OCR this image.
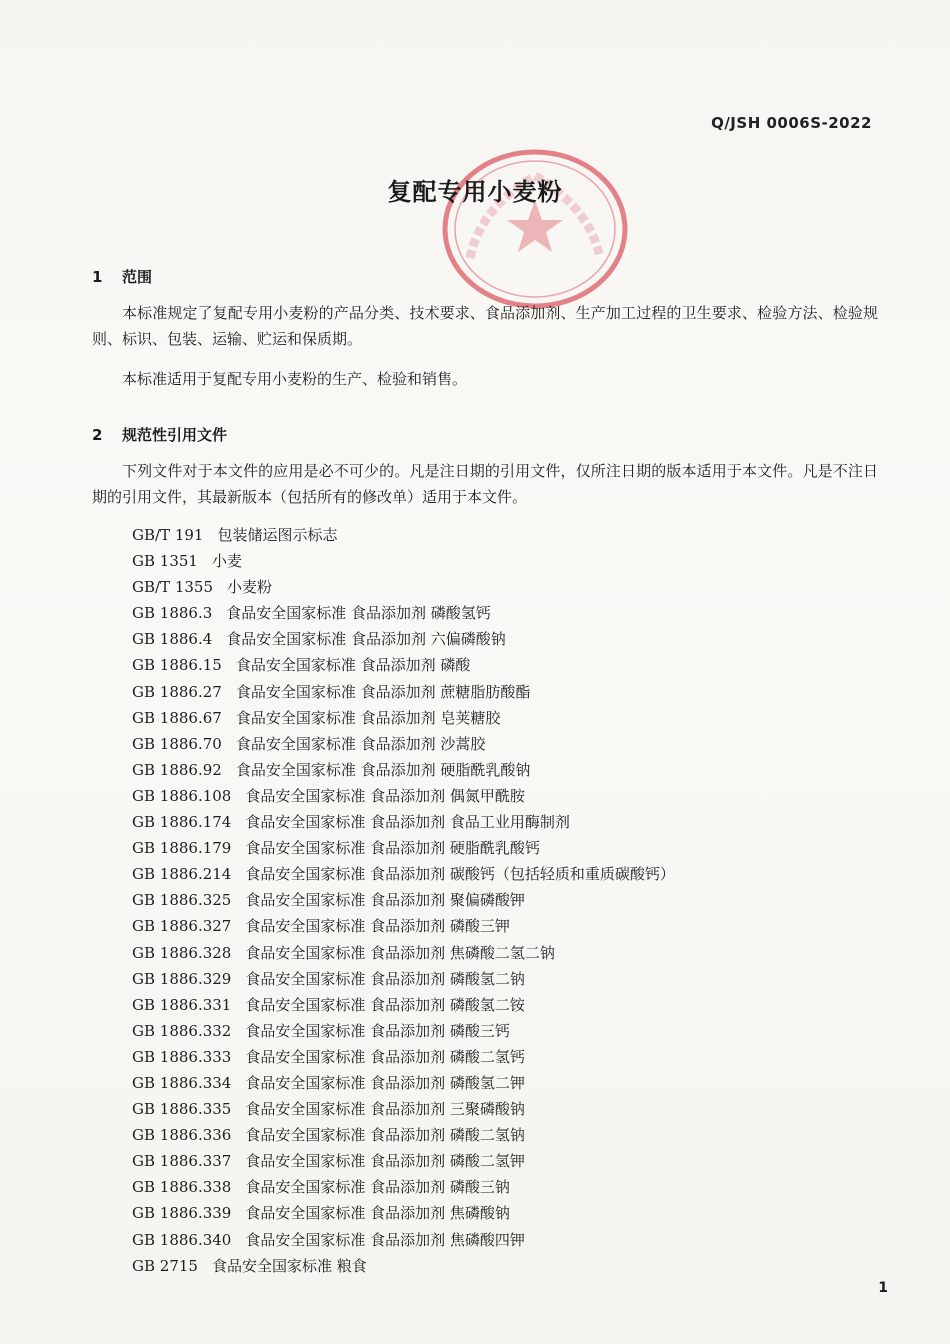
Q/JSH 0006S-2022
复配专用小麦粉
1 范围

本标准规定了复配专用小麦粉的产品分类、技术要求、食品添加剂、生产加工过程的卫生要求、检验方法、检验规则、标识、包装、运输、贮运和保质期。

本标准适用于复配专用小麦粉的生产、检验和销售。

2 规范性引用文件

下列文件对于本文件的应用是必不可少的。凡是注日期的引用文件，仅所注日期的版本适用于本文件。凡是不注日期的引用文件，其最新版本（包括所有的修改单）适用于本文件。

GB/T 191 包装储运图示标志
GB 1351 小麦
GB/T 1355 小麦粉
GB 1886.3 食品安全国家标准 食品添加剂 磷酸氢钙
GB 1886.4 食品安全国家标准 食品添加剂 六偏磷酸钠
GB 1886.15 食品安全国家标准 食品添加剂 磷酸
GB 1886.27 食品安全国家标准 食品添加剂 蔗糖脂肪酸酯
GB 1886.67 食品安全国家标准 食品添加剂 皂荚糖胶
GB 1886.70 食品安全国家标准 食品添加剂 沙蒿胶
GB 1886.92 食品安全国家标准 食品添加剂 硬脂酰乳酸钠
GB 1886.108 食品安全国家标准 食品添加剂 偶氮甲酰胺
GB 1886.174 食品安全国家标准 食品添加剂 食品工业用酶制剂
GB 1886.179 食品安全国家标准 食品添加剂 硬脂酰乳酸钙
GB 1886.214 食品安全国家标准 食品添加剂 碳酸钙（包括轻质和重质碳酸钙）
GB 1886.325 食品安全国家标准 食品添加剂 聚偏磷酸钾
GB 1886.327 食品安全国家标准 食品添加剂 磷酸三钾
GB 1886.328 食品安全国家标准 食品添加剂 焦磷酸二氢二钠
GB 1886.329 食品安全国家标准 食品添加剂 磷酸氢二钠
GB 1886.331 食品安全国家标准 食品添加剂 磷酸氢二铵
GB 1886.332 食品安全国家标准 食品添加剂 磷酸三钙
GB 1886.333 食品安全国家标准 食品添加剂 磷酸二氢钙
GB 1886.334 食品安全国家标准 食品添加剂 磷酸氢二钾
GB 1886.335 食品安全国家标准 食品添加剂 三聚磷酸钠
GB 1886.336 食品安全国家标准 食品添加剂 磷酸二氢钠
GB 1886.337 食品安全国家标准 食品添加剂 磷酸二氢钾
GB 1886.338 食品安全国家标准 食品添加剂 磷酸三钠
GB 1886.339 食品安全国家标准 食品添加剂 焦磷酸钠
GB 1886.340 食品安全国家标准 食品添加剂 焦磷酸四钾
GB 2715 食品安全国家标准 粮食
1
